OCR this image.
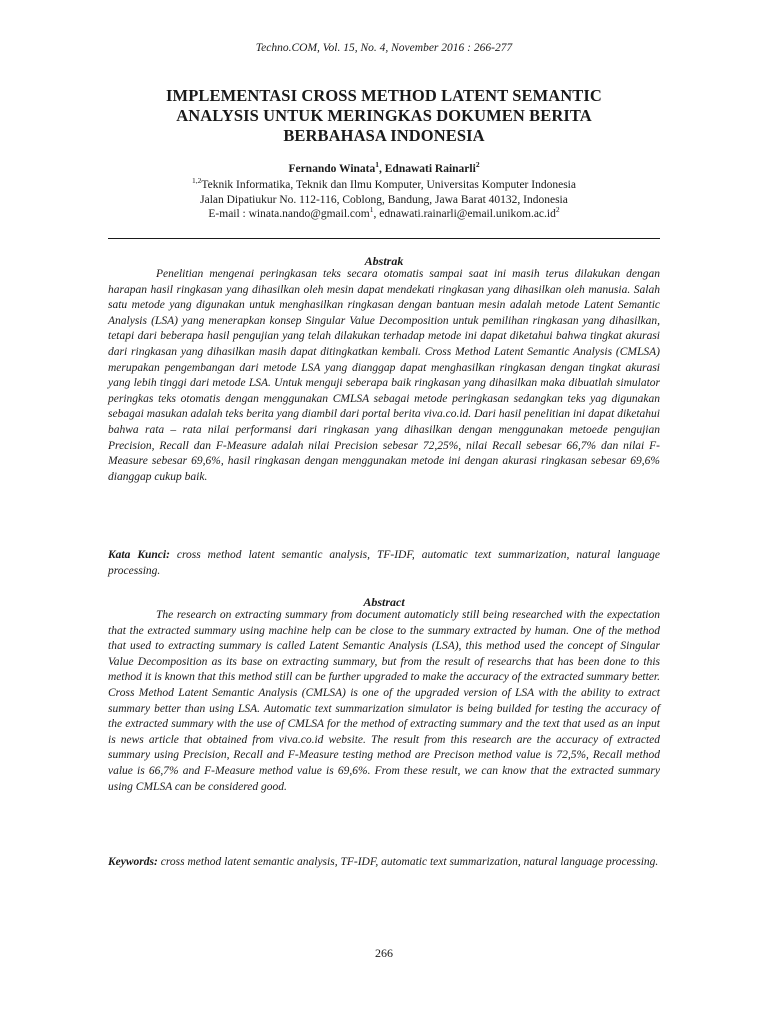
Techno.COM, Vol. 15, No. 4, November 2016 : 266-277
IMPLEMENTASI CROSS METHOD LATENT SEMANTIC
ANALYSIS UNTUK MERINGKAS DOKUMEN BERITA
BERBAHASA INDONESIA
Fernando Winata$^1$, Ednawati Rainarli$^2$
$^{1,2}$Teknik Informatika, Teknik dan Ilmu Komputer, Universitas Komputer Indonesia
Jalan Dipatiukur No. 112-116, Coblong, Bandung, Jawa Barat 40132, Indonesia
E-mail : winata.nando@gmail.com$^1$, $ednawati.rainarli@email.unikom.ac.id^2$
Abstrak

Penelitian mengenai peringkasan teks secara otomatis sampai saat ini masih terus dilakukan dengan harapan hasil ringkasan yang dihasilkan oleh mesin dapat mendekati ringkasan yang dihasilkan oleh manusia. Salah satu metode yang digunakan untuk menghasilkan ringkasan dengan bantuan mesin adalah metode Latent Semantic Analysis (LSA) yang menerapkan konsep Singular Value Decomposition untuk pemilihan ringkasan yang dihasilkan, tetapi dari beberapa hasil pengujian yang telah dilakukan terhadap metode ini dapat diketahui bahwa tingkat akurasi dari ringkasan yang dihasilkan masih dapat ditingkatkan kembali. Cross Method Latent Semantic Analysis (CMLSA) merupakan pengembangan dari metode LSA yang dianggap dapat menghasilkan ringkasan dengan tingkat akurasi yang lebih tinggi dari metode LSA. Untuk menguji seberapa baik ringkasan yang dihasilkan maka dibuatlah simulator peringkas teks otomatis dengan menggunakan CMLSA sebagai metode peringkasan sedangkan teks yag digunakan sebagai masukan adalah teks berita yang diambil dari portal berita viva.co.id. Dari hasil penelitian ini dapat diketahui bahwa rata – rata nilai performansi dari ringkasan yang dihasilkan dengan menggunakan metoede pengujian Precision, Recall dan F-Measure adalah nilai Precision sebesar 72,25%, nilai Recall sebesar 66,7% dan nilai F-Measure sebesar 69,6%, hasil ringkasan dengan menggunakan metode ini dengan akurasi ringkasan sebesar 69,6% dianggap cukup baik.

Kata Kunci: cross method latent semantic analysis, TF-IDF, automatic text summarization, natural language processing.
Abstract

The research on extracting summary from document automaticly still being researched with the expectation that the extracted summary using machine help can be close to the summary extracted by human. One of the method that used to extracting summary is called Latent Semantic Analysis (LSA), this method used the concept of Singular Value Decomposition as its base on extracting summary, but from the result of researchs that has been done to this method it is known that this method still can be further upgraded to make the accuracy of the extracted summary better. Cross Method Latent Semantic Analysis (CMLSA) is one of the upgraded version of LSA with the ability to extract summary better than using LSA. Automatic text summarization simulator is being builded for testing the accuracy of the extracted summary with the use of CMLSA for the method of extracting summary and the text that used as an input is news article that obtained from viva.co.id website. The result from this research are the accuracy of extracted summary using Precision, Recall and F-Measure testing method are Precison method value is 72,5%, Recall method value is 66,7% and F-Measure method value is 69,6%. From these result, we can know that the extracted summary using CMLSA can be considered good.

Keywords: cross method latent semantic analysis, TF-IDF, automatic text summarization, natural language processing.
266
